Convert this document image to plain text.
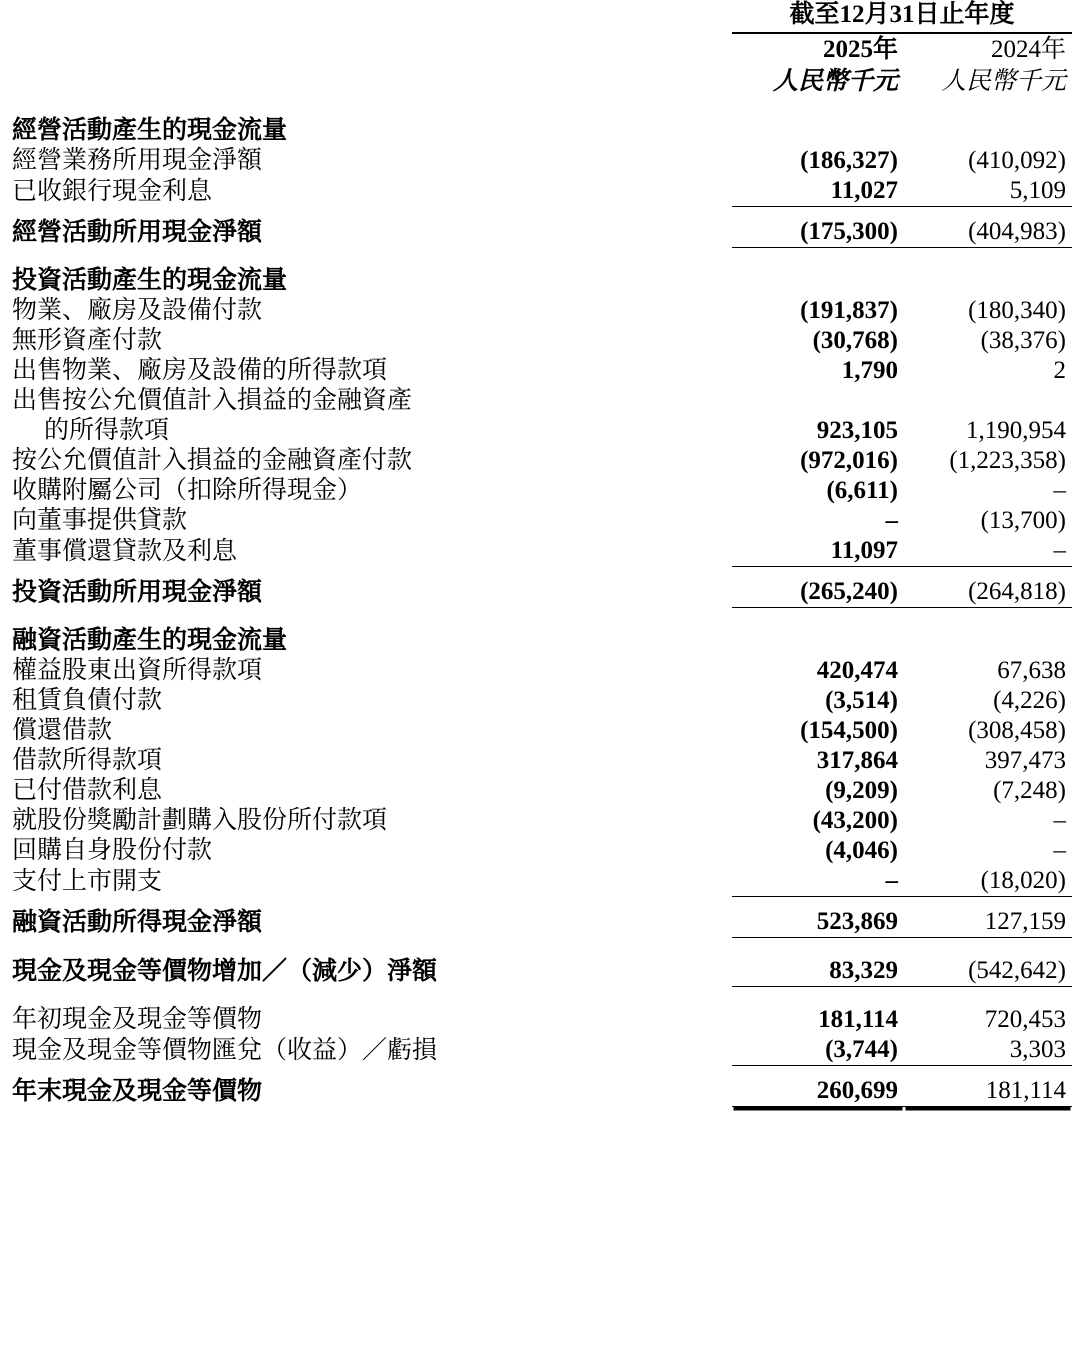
	截至12月31日止年度	
	2025年	2024年
	人民幣千元	人民幣千元

經營活動產生的現金流量		
經營業務所用現金淨額	(186,327)	(410,092)
已收銀行現金利息	11,027	5,109

經營活動所用現金淨額	(175,300)	(404,983)

投資活動產生的現金流量		
物業、廠房及設備付款	(191,837)	(180,340)
無形資產付款	(30,768)	(38,376)
出售物業、廠房及設備的所得款項	1,790	2
出售按公允價值計入損益的金融資產		
的所得款項	923,105	1,190,954
按公允價值計入損益的金融資產付款	(972,016)	(1,223,358)
收購附屬公司（扣除所得現金）	(6,611)	–
向董事提供貸款	–	(13,700)
董事償還貸款及利息	11,097	–

投資活動所用現金淨額	(265,240)	(264,818)

融資活動產生的現金流量		
權益股東出資所得款項	420,474	67,638
租賃負債付款	(3,514)	(4,226)
償還借款	(154,500)	(308,458)
借款所得款項	317,864	397,473
已付借款利息	(9,209)	(7,248)
就股份獎勵計劃購入股份所付款項	(43,200)	–
回購自身股份付款	(4,046)	–
支付上市開支	–	(18,020)

融資活動所得現金淨額	523,869	127,159

現金及現金等價物增加／（減少）淨額	83,329	(542,642)

年初現金及現金等價物	181,114	720,453
現金及現金等價物匯兌（收益）／虧損	(3,744)	3,303

年末現金及現金等價物	260,699	181,114
